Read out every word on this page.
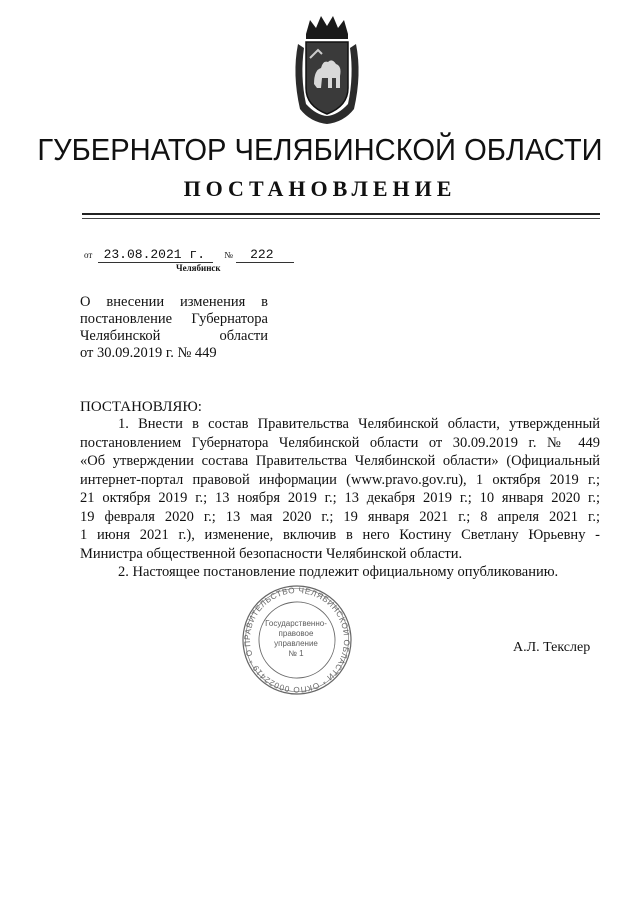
ГУБЕРНАТОР ЧЕЛЯБИНСКОЙ ОБЛАСТИ
ПОСТАНОВЛЕНИЕ
от 23.08.2021 г. № 222
Челябинск
О внесении изменения в
постановление Губернатора
Челябинской области
от 30.09.2019 г. № 449
ПОСТАНОВЛЯЮ:
1. Внести в состав Правительства Челябинской области, утвержденный
постановлением Губернатора Челябинской области от 30.09.2019 г. № 449
«Об утверждении состава Правительства Челябинской области» (Официальный
интернет-портал правовой информации (www.pravo.gov.ru), 1 октября 2019 г.;
21 октября 2019 г.; 13 ноября 2019 г.; 13 декабря 2019 г.; 10 января 2020 г.;
19 февраля 2020 г.; 13 мая 2020 г.; 19 января 2021 г.; 8 апреля 2021 г.;
1 июня 2021 г.), изменение, включив в него Костину Светлану Юрьевну -
Министра общественной безопасности Челябинской области.
2. Настоящее постановление подлежит официальному опубликованию.
ПРАВИТЕЛЬСТВО ЧЕЛЯБИНСКОЙ ОБЛАСТИ * ОКПО 00022419 * ОГРН
Государственно-
правовое
управление
№ 1	А.Л. Текслер
